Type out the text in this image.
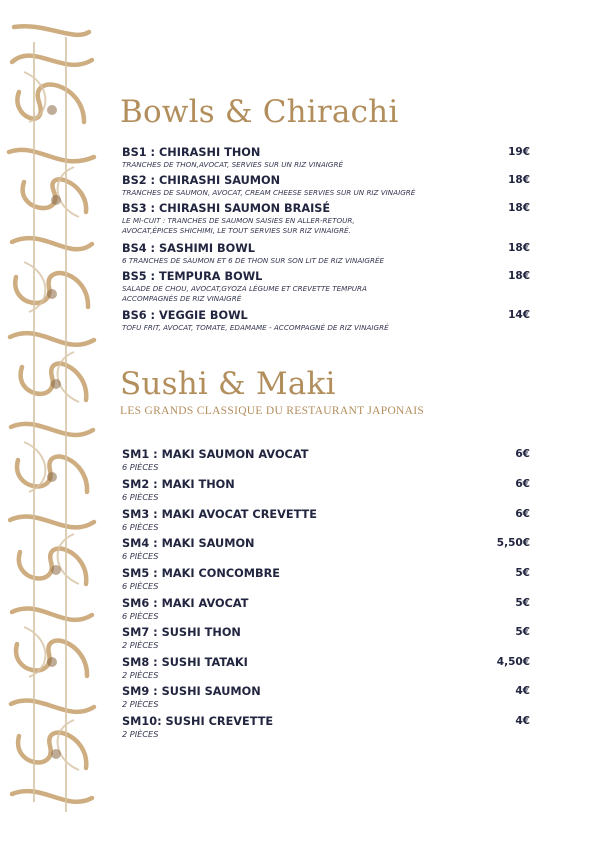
Bowls & Chirachi
BS1 : CHIRASHI THON
TRANCHES DE THON,AVOCAT, SERVIES SUR UN RIZ VINAIGRÉ
19€
BS2 : CHIRASHI SAUMON
TRANCHES DE SAUMON, AVOCAT, CREAM CHEESE SERVIES SUR UN RIZ VINAIGRÉ
18€
BS3 : CHIRASHI SAUMON BRAISÉ
LE MI-CUIT : TRANCHES DE SAUMON SAISIES EN ALLER-RETOUR,
AVOCAT,ÉPICES SHICHIMI, LE TOUT SERVIES SUR RIZ VINAIGRÉ.
18€
BS4 : SASHIMI BOWL
6 TRANCHES DE SAUMON ET 6 DE THON SUR SON LIT DE RIZ VINAIGRÉE
18€
BS5 : TEMPURA BOWL
SALADE DE CHOU, AVOCAT,GYOZA LÉGUME ET CREVETTE TEMPURA
ACCOMPAGNÉS DE RIZ VINAIGRÉ
18€
BS6 : VEGGIE BOWL
TOFU FRIT, AVOCAT, TOMATE, EDAMAME - ACCOMPAGNÉ DE RIZ VINAIGRÉ
14€
Sushi & Maki
LES GRANDS CLASSIQUE DU RESTAURANT JAPONAIS
SM1 : MAKI SAUMON AVOCAT
6 PIÈCES
6€
SM2 : MAKI THON
6 PIÈCES
6€
SM3 : MAKI AVOCAT CREVETTE
6 PIÈCES
6€
SM4 : MAKI SAUMON
6 PIÈCES
5,50€
SM5 : MAKI CONCOMBRE
6 PIÈCES
5€
SM6 : MAKI AVOCAT
6 PIÈCES
5€
SM7 : SUSHI THON
2 PIÈCES
5€
SM8 : SUSHI TATAKI
2 PIÈCES
4,50€
SM9 : SUSHI SAUMON
2 PIÈCES
4€
SM10: SUSHI CREVETTE
2 PIÈCES
4€
